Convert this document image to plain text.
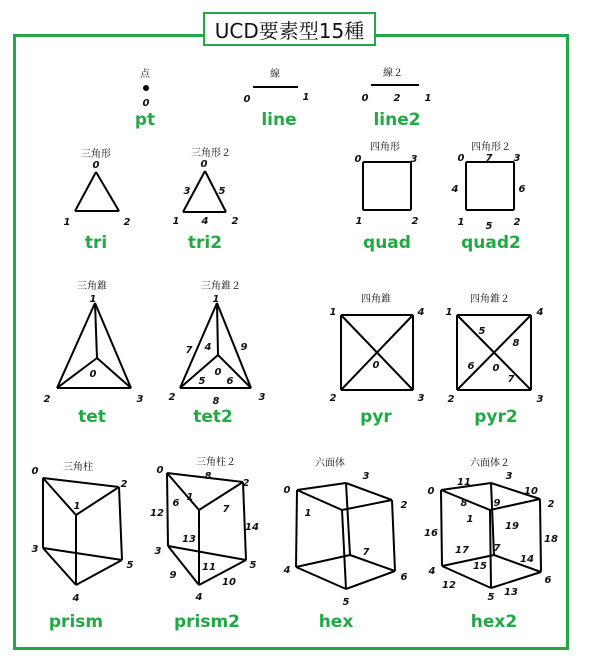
UCD要素型15種
0
点
pt
0	1
線
line
0	2 1
線２
line2
0
1	2
三角形
tri
0
3	5
1 4 2
三角形２
tri2
0	3
1	2
四角形
quad
0 7 3
4	6
1 5 2
四角形２
quad2
1
0
2	3
三角錐
tet
1
7 4	9
0
5 6
2	8	3
三角錐２
tet2
1	4
0
2	3
四角錐
pyr
1	4
5
8
6 0
7
2	3
四角錐２
pyr2
0
2
1
3
5
4
三角柱
prism
0
8
2
6
1
7
12
14
13
3
11
9
5
10
4
三角柱２
prism2
3
0
2
1
7
4
6
5
六面体
hex
11
0	10
3
8	9	2
1
19
16
18
17 7
14
15
4
6
12
13
5
六面体２
hex2
